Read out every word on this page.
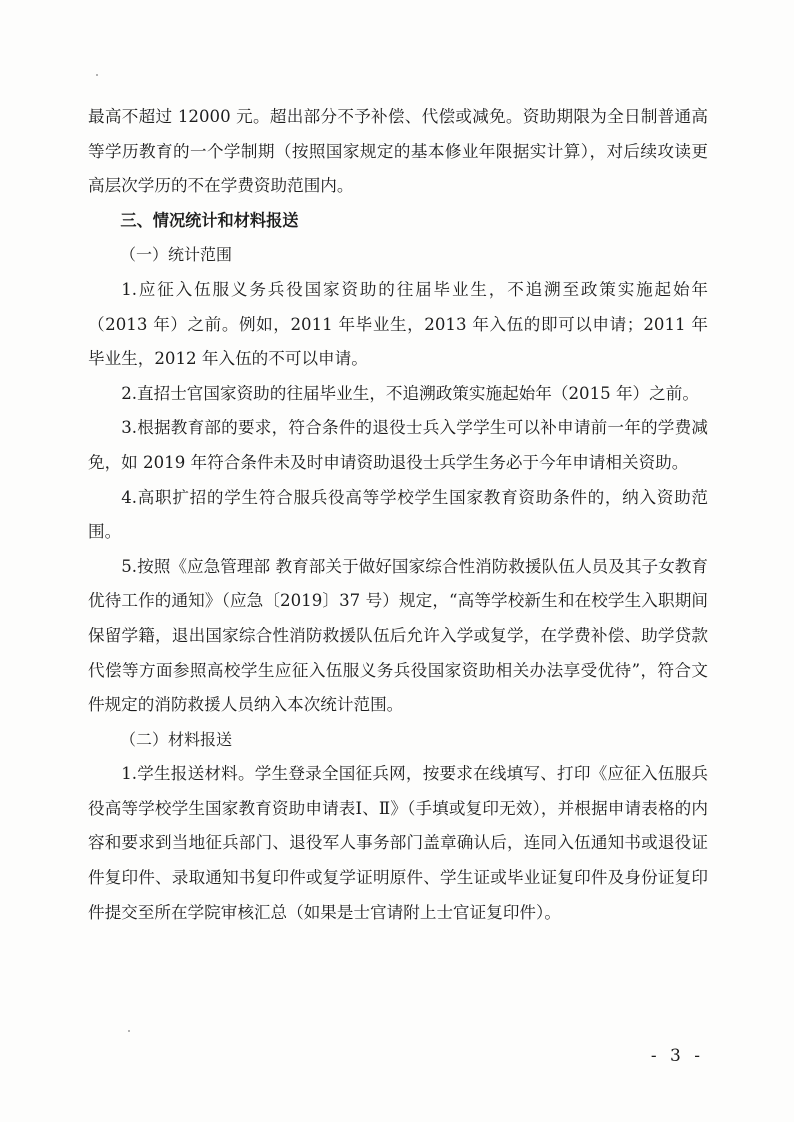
最高不超过 12000 元。超出部分不予补偿、代偿或减免。资助期限为全日制普通高等学历教育的一个学制期（按照国家规定的基本修业年限据实计算），对后续攻读更高层次学历的不在学费资助范围内。

三、情况统计和材料报送

（一）统计范围

1.应征入伍服义务兵役国家资助的往届毕业生，不追溯至政策实施起始年（2013 年）之前。例如，2011 年毕业生，2013 年入伍的即可以申请；2011 年毕业生，2012 年入伍的不可以申请。

2.直招士官国家资助的往届毕业生，不追溯政策实施起始年（2015 年）之前。

3.根据教育部的要求，符合条件的退役士兵入学学生可以补申请前一年的学费减免，如 2019 年符合条件未及时申请资助退役士兵学生务必于今年申请相关资助。

4.高职扩招的学生符合服兵役高等学校学生国家教育资助条件的，纳入资助范围。

5.按照《应急管理部 教育部关于做好国家综合性消防救援队伍人员及其子女教育优待工作的通知》（应急〔2019〕37 号）规定，“高等学校新生和在校学生入职期间保留学籍，退出国家综合性消防救援队伍后允许入学或复学，在学费补偿、助学贷款代偿等方面参照高校学生应征入伍服义务兵役国家资助相关办法享受优待”，符合文件规定的消防救援人员纳入本次统计范围。

（二）材料报送

1.学生报送材料。学生登录全国征兵网，按要求在线填写、打印《应征入伍服兵役高等学校学生国家教育资助申请表Ⅰ、Ⅱ》（手填或复印无效），并根据申请表格的内容和要求到当地征兵部门、退役军人事务部门盖章确认后，连同入伍通知书或退役证件复印件、录取通知书复印件或复学证明原件、学生证或毕业证复印件及身份证复印件提交至所在学院审核汇总（如果是士官请附上士官证复印件）。

- 3 -
